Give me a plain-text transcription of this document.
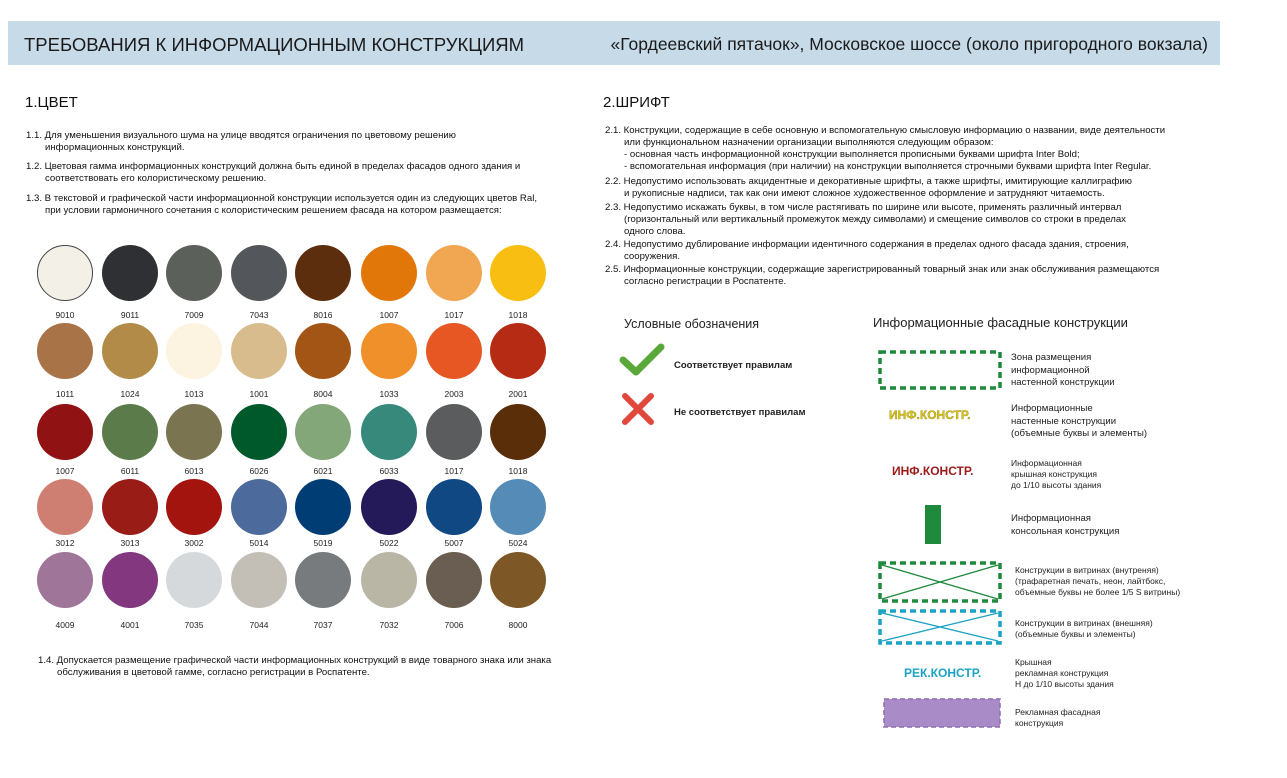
ТРЕБОВАНИЯ К ИНФОРМАЦИОННЫМ КОНСТРУКЦИЯМ	«Гордеевский пятачок», Московское шоссе (около пригородного вокзала)
1.ЦВЕТ
1.1. Для уменьшения визуального шума на улице вводятся ограничения по цветовому решению
информационных конструкций.
1.2. Цветовая гамма информационных конструкций должна быть единой в пределах фасадов одного здания и
соответствовать его колористическому решению.
1.3. В текстовой и графической части информационной конструкции используется один из следующих цветов Ral,
при условии гармоничного сочетания с колористическим решением фасада на котором размещается:
9010	9011	7009	7043	8016	1007	1017	1018
1011	1024	1013	1001	8004	1033	2003	2001
1007	6011	6013	6026	6021	6033	1017	1018
3012	3013	3002	5014	5019	5022	5007	5024
4009	4001	7035	7044	7037	7032	7006	8000
1.4. Допускается размещение графической части информационных конструкций в виде товарного знака или знака
обслуживания в цветовой гамме, согласно регистрации в Роспатенте.
2.ШРИФТ
2.1. Конструкции, содержащие в себе основную и вспомогательную смысловую информацию о названии, виде деятельности
или функциональном назначении организации выполняются следующим образом:
- основная часть информационной конструкции выполняется прописными буквами шрифта Inter Bold;
- вспомогательная информация (при наличии) на конструкции выполняется строчными буквами шрифта Inter Regular.
2.2. Недопустимо использовать акцидентные и декоративные шрифты, а также шрифты, имитирующие каллиграфию
и рукописные надписи, так как они имеют сложное художественное оформление и затрудняют читаемость.
2.3. Недопустимо искажать буквы, в том числе растягивать по ширине или высоте, применять различный интервал
(горизонтальный или вертикальный промежуток между символами) и смещение символов со строки в пределах
одного слова.
2.4. Недопустимо дублирование информации идентичного содержания в пределах одного фасада здания, строения,
сооружения.
2.5. Информационные конструкции, содержащие зарегистрированный товарный знак или знак обслуживания размещаются
согласно регистрации в Роспатенте.
Условные обозначения
Соответствует правилам
Не соответствует правилам
Информационные фасадные конструкции
Зона размещения
информационной
настенной конструкции
ИНФ.КОНСТР.	Информационные
настенные конструкции
(объемные буквы и элементы)
ИНФ.КОНСТР.
Информационная
крышная конструкция
до 1/10 высоты здания
Информационная
консольная конструкция
Конструкции в витринах (внутреняя)
(трафаретная печать, неон, лайтбокс,
объемные буквы не более 1/5 S витрины)
Конструкции в витринах (внешняя)
(объемные буквы и элементы)
РЕК.КОНСТР.
Крышная
рекламная конструкция
Н до 1/10 высоты здания
Рекламная фасадная
конструкция
